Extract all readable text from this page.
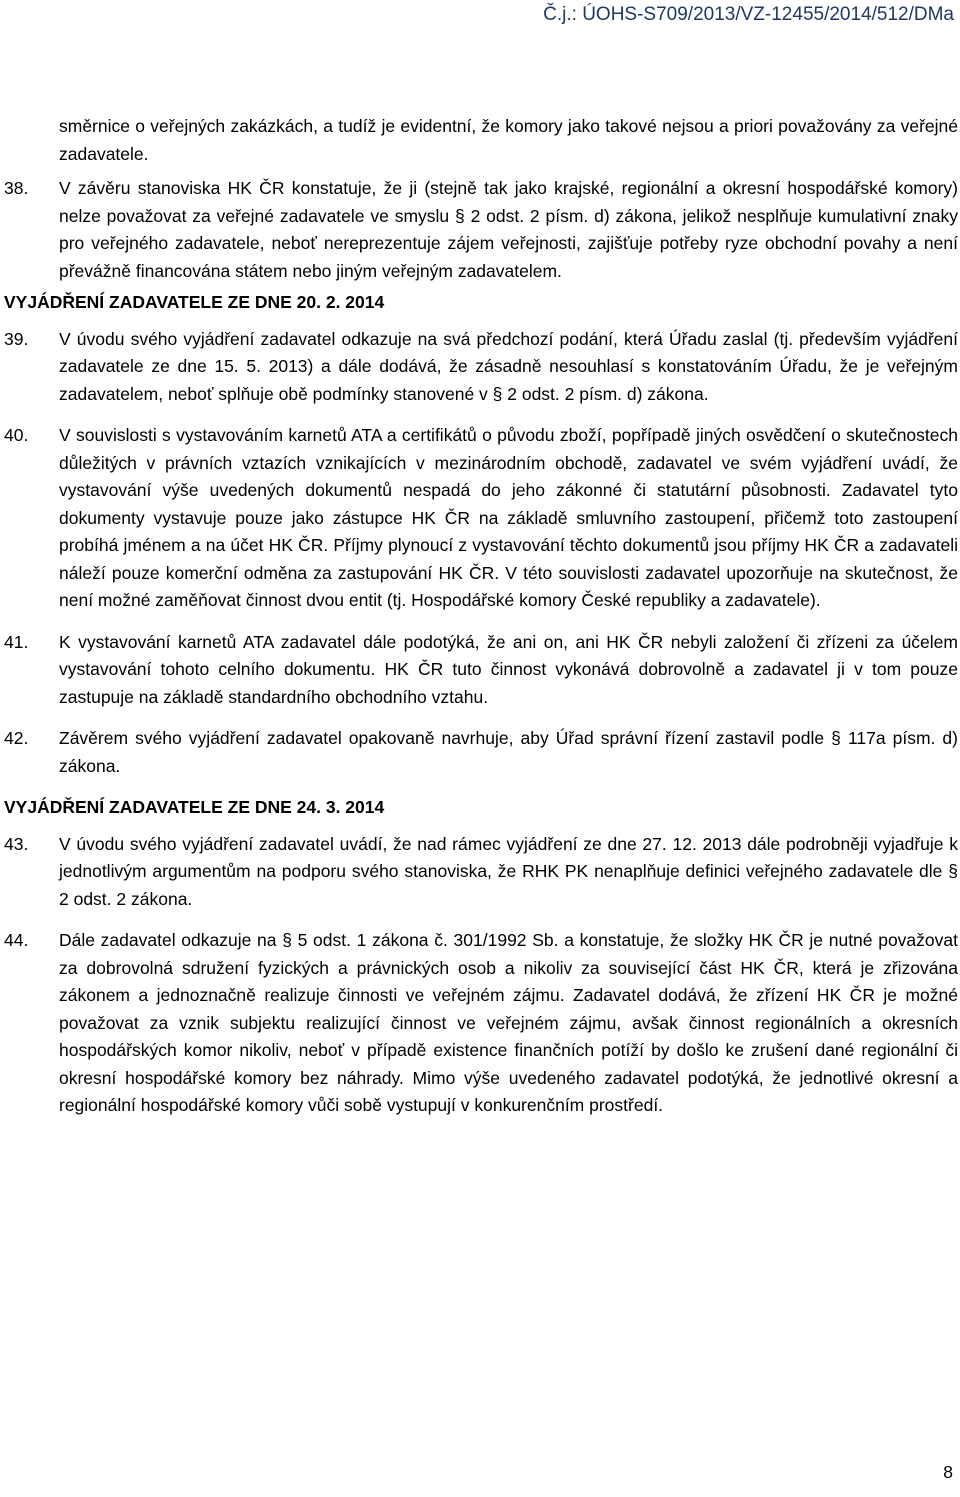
Č.j.: ÚOHS-S709/2013/VZ-12455/2014/512/DMa
směrnice o veřejných zakázkách, a tudíž je evidentní, že komory jako takové nejsou a priori považovány za veřejné zadavatele.
38. V závěru stanoviska HK ČR konstatuje, že ji (stejně tak jako krajské, regionální a okresní hospodářské komory) nelze považovat za veřejné zadavatele ve smyslu § 2 odst. 2 písm. d) zákona, jelikož nesplňuje kumulativní znaky pro veřejného zadavatele, neboť nereprezentuje zájem veřejnosti, zajišťuje potřeby ryze obchodní povahy a není převážně financována státem nebo jiným veřejným zadavatelem.
VYJÁDŘENÍ ZADAVATELE ZE DNE 20. 2. 2014
39. V úvodu svého vyjádření zadavatel odkazuje na svá předchozí podání, která Úřadu zaslal (tj. především vyjádření zadavatele ze dne 15. 5. 2013) a dále dodává, že zásadně nesouhlasí s konstatováním Úřadu, že je veřejným zadavatelem, neboť splňuje obě podmínky stanovené v § 2 odst. 2 písm. d) zákona.
40. V souvislosti s vystavováním karnetů ATA a certifikátů o původu zboží, popřípadě jiných osvědčení o skutečnostech důležitých v právních vztazích vznikajících v mezinárodním obchodě, zadavatel ve svém vyjádření uvádí, že vystavování výše uvedených dokumentů nespadá do jeho zákonné či statutární působnosti. Zadavatel tyto dokumenty vystavuje pouze jako zástupce HK ČR na základě smluvního zastoupení, přičemž toto zastoupení probíhá jménem a na účet HK ČR. Příjmy plynoucí z vystavování těchto dokumentů jsou příjmy HK ČR a zadavateli náleží pouze komerční odměna za zastupování HK ČR. V této souvislosti zadavatel upozorňuje na skutečnost, že není možné zaměňovat činnost dvou entit (tj. Hospodářské komory České republiky a zadavatele).
41. K vystavování karnetů ATA zadavatel dále podotýká, že ani on, ani HK ČR nebyli založení či zřízeni za účelem vystavování tohoto celního dokumentu. HK ČR tuto činnost vykonává dobrovolně a zadavatel ji v tom pouze zastupuje na základě standardního obchodního vztahu.
42. Závěrem svého vyjádření zadavatel opakovaně navrhuje, aby Úřad správní řízení zastavil podle § 117a písm. d) zákona.
VYJÁDŘENÍ ZADAVATELE ZE DNE 24. 3. 2014
43. V úvodu svého vyjádření zadavatel uvádí, že nad rámec vyjádření ze dne 27. 12. 2013 dále podrobněji vyjadřuje k jednotlivým argumentům na podporu svého stanoviska, že RHK PK nenaplňuje definici veřejného zadavatele dle § 2 odst. 2 zákona.
44. Dále zadavatel odkazuje na § 5 odst. 1 zákona č. 301/1992 Sb. a konstatuje, že složky HK ČR je nutné považovat za dobrovolná sdružení fyzických a právnických osob a nikoliv za související část HK ČR, která je zřizována zákonem a jednoznačně realizuje činnosti ve veřejném zájmu. Zadavatel dodává, že zřízení HK ČR je možné považovat za vznik subjektu realizující činnost ve veřejném zájmu, avšak činnost regionálních a okresních hospodářských komor nikoliv, neboť v případě existence finančních potíží by došlo ke zrušení dané regionální či okresní hospodářské komory bez náhrady. Mimo výše uvedeného zadavatel podotýká, že jednotlivé okresní a regionální hospodářské komory vůči sobě vystupují v konkurenčním prostředí.
8
